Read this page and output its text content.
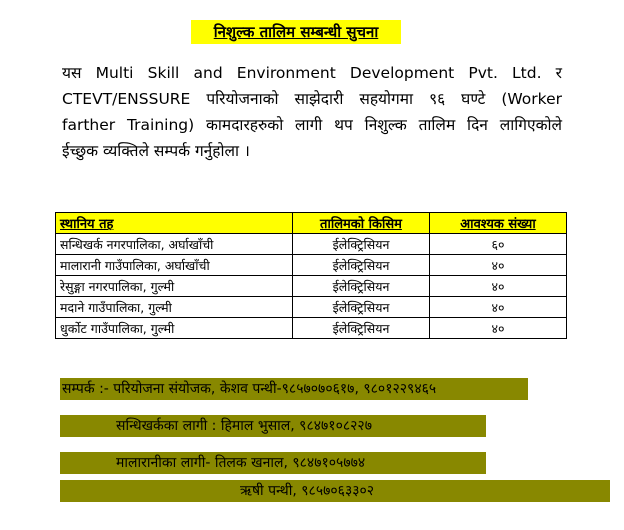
निशुल्क तालिम सम्बन्धी सुचना
यस Multi Skill and Environment Development Pvt. Ltd. र
CTEVT/ENSSURE परियोजनाको साझेदारी सहयोगमा ९६ घण्टे (Worker
farther Training) कामदारहरुको लागी थप निशुल्क तालिम दिन लागिएकोले
ईच्छुक व्यक्तिले सम्पर्क गर्नुहोला ।
स्थानिय तह	तालिमको किसिम	आवश्यक संख्या
सन्धिखर्क नगरपालिका, अर्घाखाँची	ईलेक्ट्रिसियन	६०
मालारानी गाउँपालिका, अर्घाखाँची	ईलेक्ट्रिसियन	४०
रेसुङ्गा नगरपालिका, गुल्मी	ईलेक्ट्रिसियन	४०
मदाने गाउँपालिका, गुल्मी	ईलेक्ट्रिसियन	४०
धुर्कोट गाउँपालिका, गुल्मी	ईलेक्ट्रिसियन	४०
सम्पर्क :- परियोजना संयोजक, केशव पन्थी-९८५७०७०६१७, ९८०१२२९४६५
सन्धिखर्कका लागी : हिमाल भुसाल, ९८४७१०८२२७
मालारानीका लागी- तिलक खनाल, ९८४७१०५७७४
ऋषी पन्थी, ९८५७०६३३०२
